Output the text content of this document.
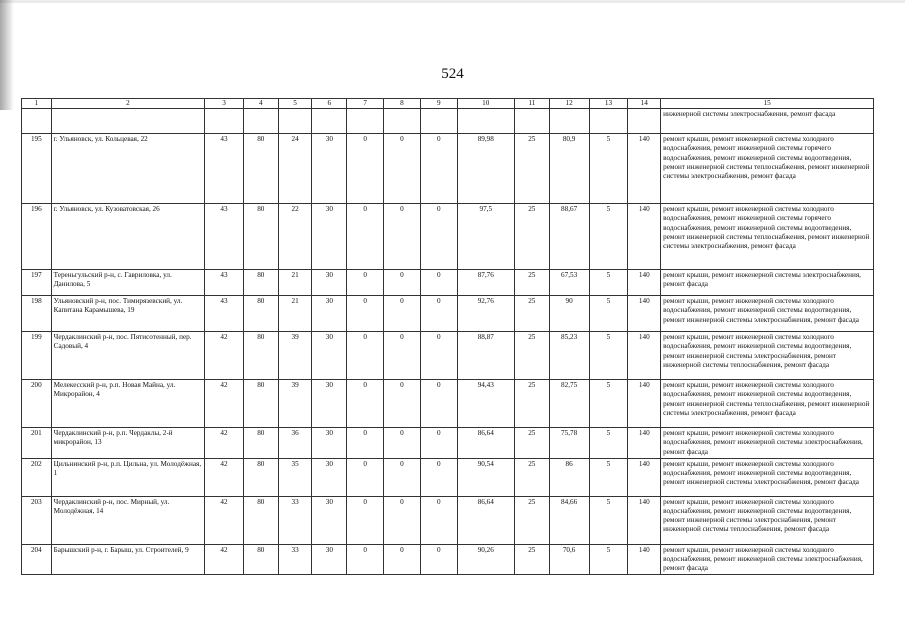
524
1	2	3	4	5	6	7	8	9	10	11	12	13	14	15
														инженерной системы электроснабжения, ремонт фасада
195	г. Ульяновск, ул. Кольцевая, 22	43	80	24	30	0	0	0	89,98	25	80,9	5	140	ремонт крыши, ремонт инженерной системы холодного водоснабжения, ремонт инженерной системы горячего водоснабжения, ремонт инженерной системы водоотведения, ремонт инженерной системы теплоснабжения, ремонт инженерной системы электроснабжения, ремонт фасада
196	г. Ульяновск, ул. Кузоватовская, 26	43	80	22	30	0	0	0	97,5	25	88,67	5	140	ремонт крыши, ремонт инженерной системы холодного водоснабжения, ремонт инженерной системы горячего водоснабжения, ремонт инженерной системы водоотведения, ремонт инженерной системы теплоснабжения, ремонт инженерной системы электроснабжения, ремонт фасада
197	Тереньгульский р-н, с. Гавриловка, ул. Данилова, 5	43	80	21	30	0	0	0	87,76	25	67,53	5	140	ремонт крыши, ремонт инженерной системы электроснабжения, ремонт фасада
198	Ульяновский р-н, пос. Тимирязевский, ул. Капитана Карамышева, 19	43	80	21	30	0	0	0	92,76	25	90	5	140	ремонт крыши, ремонт инженерной системы холодного водоснабжения, ремонт инженерной системы водоотведения, ремонт инженерной системы электроснабжения, ремонт фасада
199	Чердаклинский р-н, пос. Пятисотенный, пер. Садовый, 4	42	80	39	30	0	0	0	88,87	25	85,23	5	140	ремонт крыши, ремонт инженерной системы холодного водоснабжения, ремонт инженерной системы водоотведения, ремонт инженерной системы электроснабжения, ремонт инженерной системы теплоснабжения, ремонт фасада
200	Мелекесский р-н, р.п. Новая Майна, ул. Микрорайон, 4	42	80	39	30	0	0	0	94,43	25	82,75	5	140	ремонт крыши, ремонт инженерной системы холодного водоснабжения, ремонт инженерной системы водоотведения, ремонт инженерной системы теплоснабжения, ремонт инженерной системы электроснабжения, ремонт фасада
201	Чердаклинский р-н, р.п. Чердаклы, 2-й микрорайон, 13	42	80	36	30	0	0	0	86,64	25	75,78	5	140	ремонт крыши, ремонт инженерной системы холодного водоснабжения, ремонт инженерной системы электроснабжения, ремонт фасада
202	Цильнинский р-н, р.п. Цильна, ул. Молодёжная, 1	42	80	35	30	0	0	0	90,54	25	86	5	140	ремонт крыши, ремонт инженерной системы холодного водоснабжения, ремонт инженерной системы водоотведения, ремонт инженерной системы электроснабжения, ремонт фасада
203	Чердаклинский р-н, пос. Мирный, ул. Молодёжная, 14	42	80	33	30	0	0	0	86,64	25	84,66	5	140	ремонт крыши, ремонт инженерной системы холодного водоснабжения, ремонт инженерной системы водоотведения, ремонт инженерной системы электроснабжения, ремонт инженерной системы теплоснабжения, ремонт фасада
204	Барышский р-н, г. Барыш, ул. Строителей, 9	42	80	33	30	0	0	0	90,26	25	70,6	5	140	ремонт крыши, ремонт инженерной системы холодного водоснабжения, ремонт инженерной системы электроснабжения, ремонт фасада
